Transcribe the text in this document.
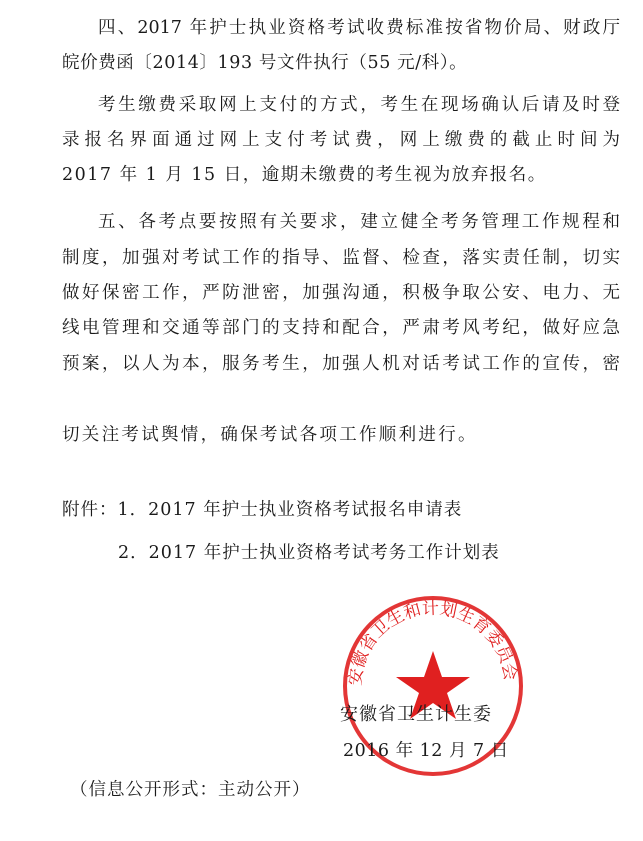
四、2017 年护士执业资格考试收费标准按省物价局、财政厅
皖价费函〔2014〕193 号文件执行（55 元/科）。
考生缴费采取网上支付的方式，考生在现场确认后请及时登
录报名界面通过网上支付考试费，网上缴费的截止时间为
2017 年 1 月 15 日，逾期未缴费的考生视为放弃报名。
五、各考点要按照有关要求，建立健全考务管理工作规程和
制度，加强对考试工作的指导、监督、检查，落实责任制，切实
做好保密工作，严防泄密，加强沟通，积极争取公安、电力、无
线电管理和交通等部门的支持和配合，严肃考风考纪，做好应急
预案，以人为本，服务考生，加强人机对话考试工作的宣传，密
切关注考试舆情，确保考试各项工作顺利进行。
附件：1．2017 年护士执业资格考试报名申请表
2．2017 年护士执业资格考试考务工作计划表
安徽省卫生和计划生育委员会
安徽省卫生计生委
2016 年 12 月 7 日
（信息公开形式：主动公开）
